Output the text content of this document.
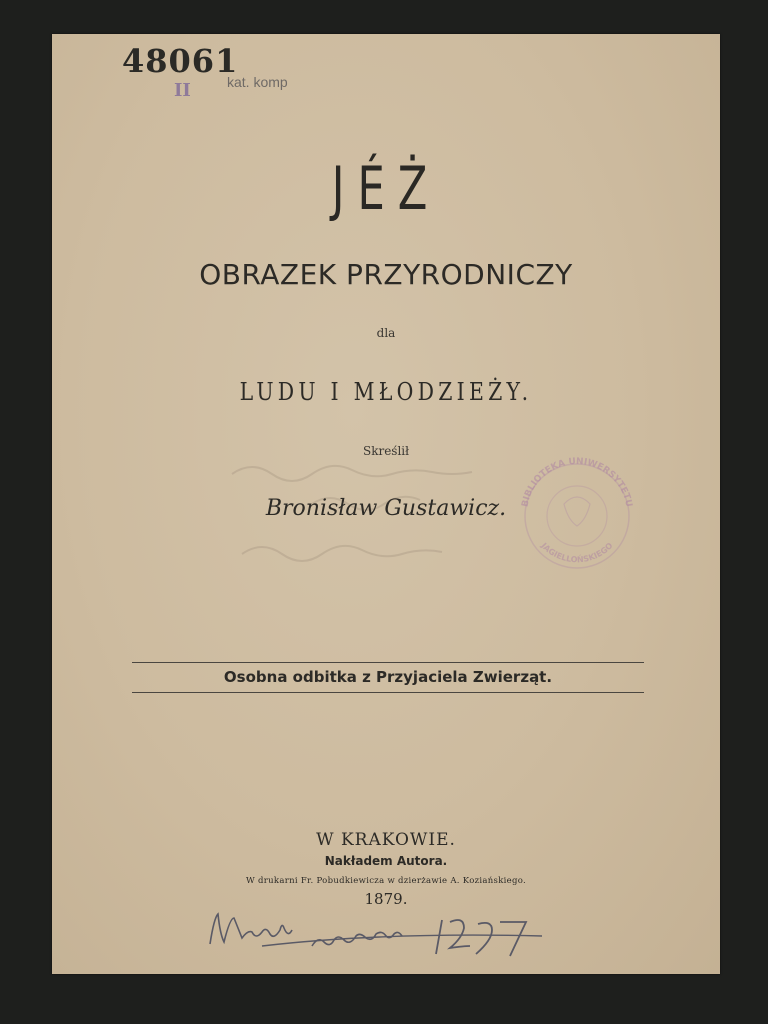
48061
II	kat. komp
JÉŻ
OBRAZEK PRZYRODNICZY
dla
LUDU I MŁODZIEŻY.
Skreślił
Bronisław Gustawicz.	BIBLIOTEKA UNIWERSYTETU
JAGIELLOŃSKIEGO
Osobna odbitka z Przyjaciela Zwierząt.
W KRAKOWIE.
Nakładem Autora.
W drukarni Fr. Pobudkiewicza w dzierżawie A. Koziańskiego.
1879.
